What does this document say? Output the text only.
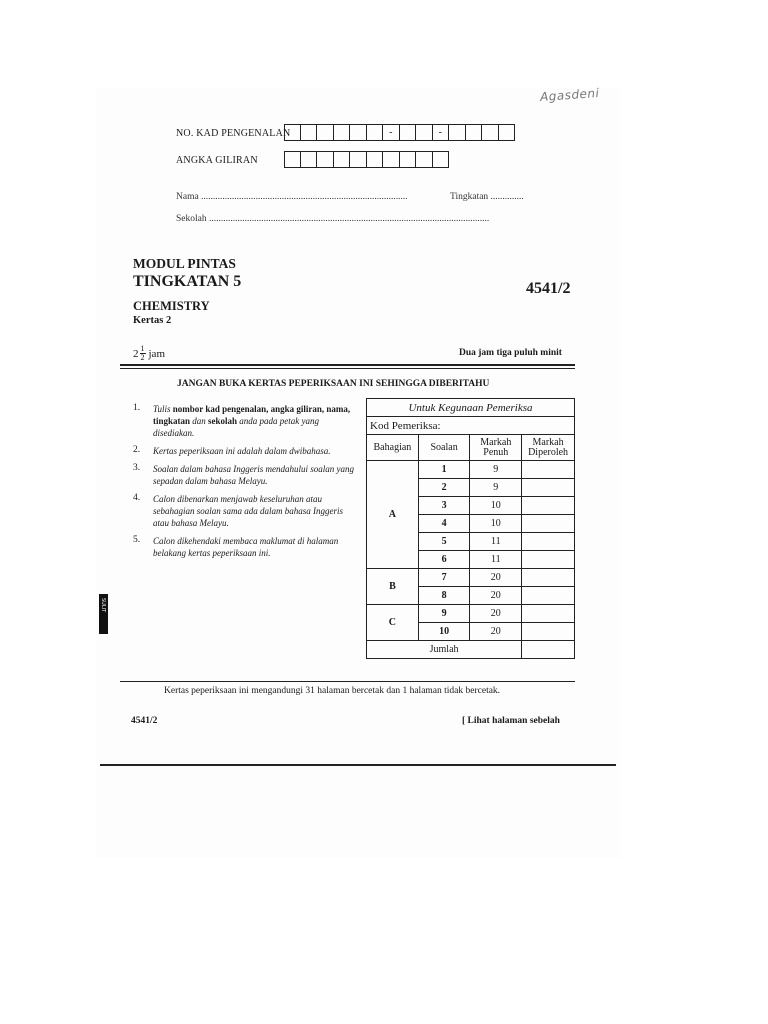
Agasdeni
NO. KAD PENGENALAN	-	-
ANGKA GILIRAN
Nama .......................................................................................	Tingkatan ..............
Sekolah ......................................................................................................................
MODUL PINTAS
TINGKATAN 5	4541/2
CHEMISTRY
Kertas 2
$2 \frac{1}{2}$ jam	Dua jam tiga puluh minit
JANGAN BUKA KERTAS PEPERIKSAAN INI SEHINGGA DIBERITAHU
1.	Tulis nombor kad pengenalan, angka giliran, nama, tingkatan dan sekolah anda pada petak yang disediakan.
2.	Kertas peperiksaan ini adalah dalam dwibahasa.
3.	Soalan dalam bahasa Inggeris mendahului soalan yang sepadan dalam bahasa Melayu.
4.	Calon dibenarkan menjawab keseluruhan atau sebahagian soalan sama ada dalam bahasa Inggeris atau bahasa Melayu.
5.	Calon dikehendaki membaca maklumat di halaman belakang kertas peperiksaan ini.
Untuk Kegunaan Pemeriksa			
Kod Pemeriksa:			
Bahagian	Soalan	Markah Penuh	Markah Diperoleh
A	1	9	
	2	9	
	3	10	
	4	10	
	5	11	
	6	11	
B	7	20	
	8	20	
C	9	20	
	10	20	
Jumlah			
SULIT
Kertas peperiksaan ini mengandungi 31 halaman bercetak dan 1 halaman tidak bercetak.
4541/2	[ Lihat halaman sebelah
